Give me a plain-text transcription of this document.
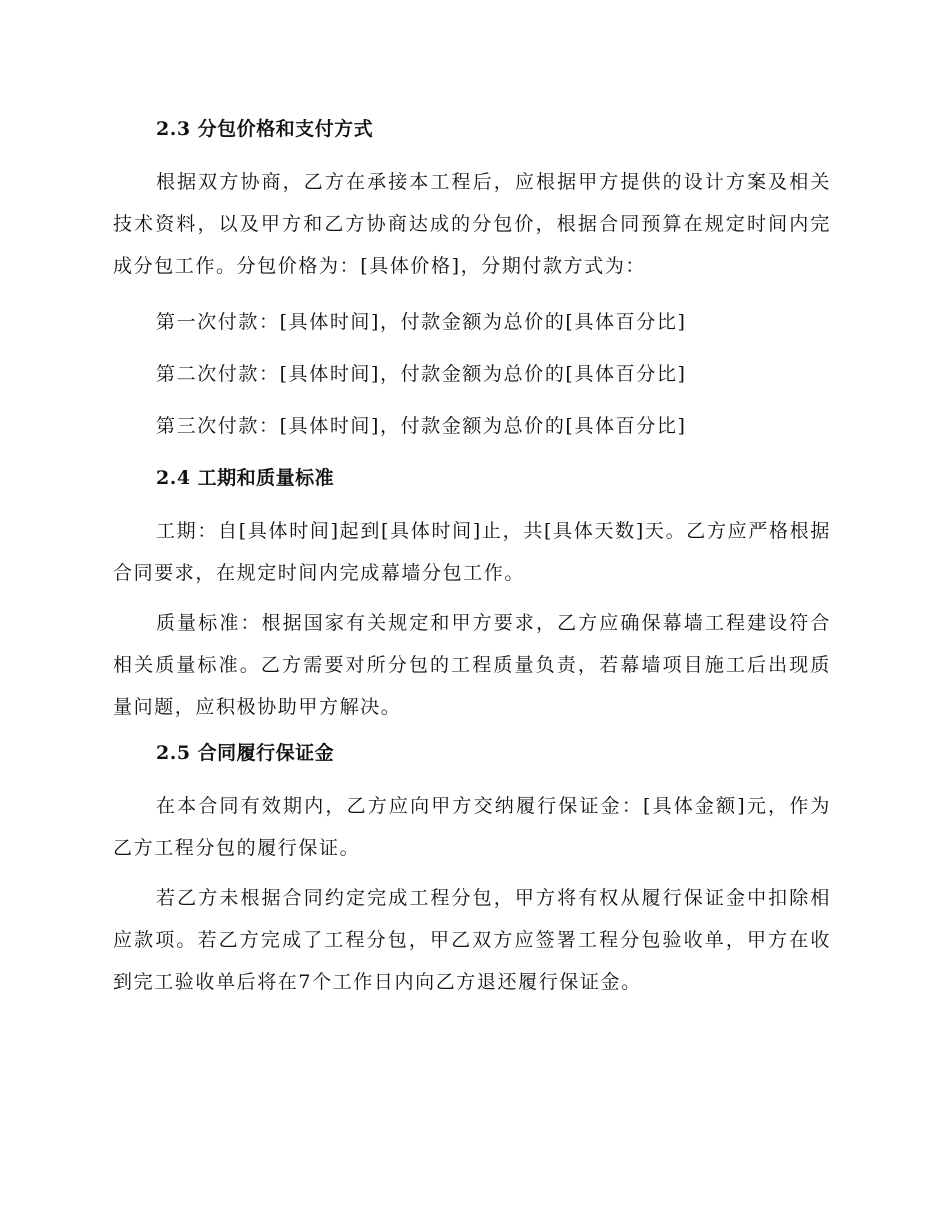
2.3 分包价格和支付方式

根据双方协商，乙方在承接本工程后，应根据甲方提供的设计方案及相关技术资料，以及甲方和乙方协商达成的分包价，根据合同预算在规定时间内完成分包工作。分包价格为：[具体价格]，分期付款方式为：

第一次付款：[具体时间]，付款金额为总价的[具体百分比]

第二次付款：[具体时间]，付款金额为总价的[具体百分比]

第三次付款：[具体时间]，付款金额为总价的[具体百分比]

2.4 工期和质量标准

工期：自[具体时间]起到[具体时间]止，共[具体天数]天。乙方应严格根据合同要求，在规定时间内完成幕墙分包工作。

质量标准：根据国家有关规定和甲方要求，乙方应确保幕墙工程建设符合相关质量标准。乙方需要对所分包的工程质量负责，若幕墙项目施工后出现质量问题，应积极协助甲方解决。

2.5 合同履行保证金

在本合同有效期内，乙方应向甲方交纳履行保证金：[具体金额]元，作为乙方工程分包的履行保证。

若乙方未根据合同约定完成工程分包，甲方将有权从履行保证金中扣除相应款项。若乙方完成了工程分包，甲乙双方应签署工程分包验收单，甲方在收到完工验收单后将在7个工作日内向乙方退还履行保证金。
